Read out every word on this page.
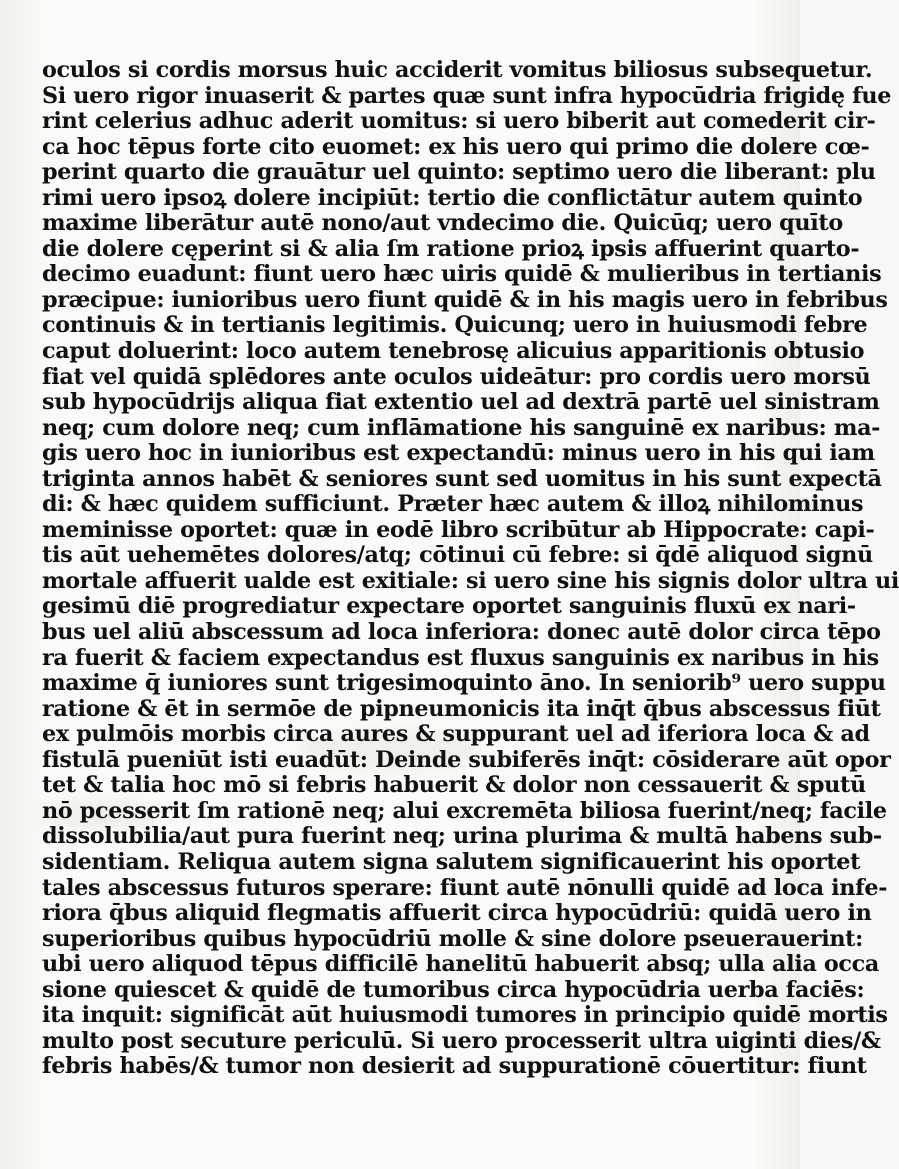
oculos si cordis morsus huic acciderit vomitus biliosus subsequetur.
Si uero rigor inuaserit & partes quæ sunt infra hypocūdria frigidę fue
rint celerius adhuc aderit uomitus: si uero biberit aut comederit cir-
ca hoc tēpus forte cito euomet: ex his uero qui primo die dolere cœ-
perint quarto die grauātur uel quinto: septimo uero die liberant: plu
rimi uero ipsoꝝ dolere incipiūt: tertio die conflictātur autem quinto
maxime liberātur autē nono/aut vndecimo die. Quicūq; uero quīto
die dolere cęperint si & alia ſm ratione prioꝝ ipsis affuerint quarto-
decimo euadunt: fiunt uero hæc uiris quidē & mulieribus in tertianis
præcipue: iunioribus uero fiunt quidē & in his magis uero in febribus
continuis & in tertianis legitimis. Quicunq; uero in huiusmodi febre
caput doluerint: loco autem tenebrosę alicuius apparitionis obtusio
fiat vel quidā splēdores ante oculos uideātur: pro cordis uero morsū
sub hypocūdrijs aliqua fiat extentio uel ad dextrā partē uel sinistram
neq; cum dolore neq; cum inflāmatione his sanguinē ex naribus: ma-
gis uero hoc in iunioribus est expectandū: minus uero in his qui iam
triginta annos habēt & seniores sunt sed uomitus in his sunt expectā
di: & hæc quidem sufficiunt. Præter hæc autem & illoꝝ nihilominus
meminisse oportet: quæ in eodē libro scribūtur ab Hippocrate: capi-
tis aūt uehemētes dolores/atq; cōtinui cū febre: si q̄dē aliquod signū
mortale affuerit ualde est exitiale: si uero sine his signis dolor ultra ui
gesimū diē progrediatur expectare oportet sanguinis fluxū ex nari-
bus uel aliū abscessum ad loca inferiora: donec autē dolor circa tēpo
ra fuerit & faciem expectandus est fluxus sanguinis ex naribus in his
maxime q̄ iuniores sunt trigesimoquinto āno. In seniorib⁹ uero suppu
ratione & ēt in sermōe de pipneumonicis ita inq̄t q̄bus abscessus fiūt
ex pulmōis morbis circa aures & suppurant uel ad iferiora loca & ad
fistulā pueniūt isti euadūt: Deinde subiferēs inq̄t: cōsiderare aūt opor
tet & talia hoc mō si febris habuerit & dolor non cessauerit & sputū
nō pcesserit ſm rationē neq; alui excremēta biliosa fuerint/neq; facile
dissolubilia/aut pura fuerint neq; urina plurima & multā habens sub-
sidentiam. Reliqua autem signa salutem significauerint his oportet
tales abscessus futuros sperare: fiunt autē nōnulli quidē ad loca infe-
riora q̄bus aliquid flegmatis affuerit circa hypocūdriū: quidā uero in
superioribus quibus hypocūdriū molle & sine dolore pseuerauerint:
ubi uero aliquod tēpus difficilē hanelitū habuerit absq; ulla alia occa
sione quiescet & quidē de tumoribus circa hypocūdria uerba faciēs:
ita inquit: significāt aūt huiusmodi tumores in principio quidē mortis
multo post secuture periculū. Si uero processerit ultra uiginti dies/&
febris habēs/& tumor non desierit ad suppurationē cōuertitur: fiunt
